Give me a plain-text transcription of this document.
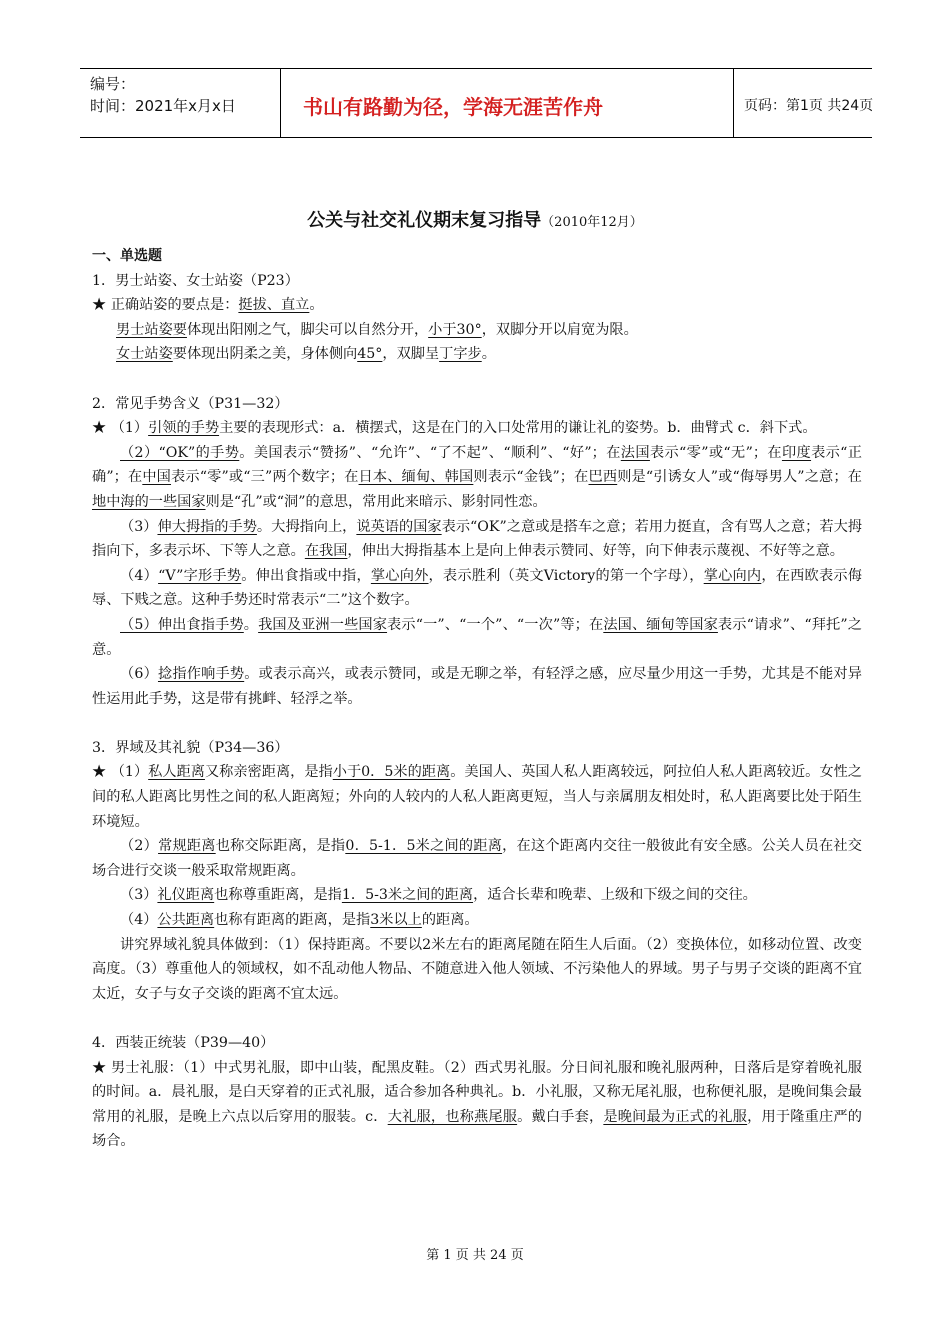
编号：
时间：2021年x月x日	书山有路勤为径，学海无涯苦作舟	页码：第1页 共24页
公关与社交礼仪期末复习指导（2010年12月）

一、单选题

1．男士站姿、女士站姿（P23）

★ 正确站姿的要点是：挺拔、直立。

男士站姿要体现出阳刚之气，脚尖可以自然分开，小于30°，双脚分开以肩宽为限。

女士站姿要体现出阴柔之美，身体侧向45°，双脚呈丁字步。

2．常见手势含义（P31—32）

★ （1）引领的手势主要的表现形式：a．横摆式，这是在门的入口处常用的谦让礼的姿势。b．曲臂式 c．斜下式。

（2）“OK”的手势。美国表示“赞扬”、“允许”、“了不起”、“顺利”、“好”；在法国表示“零”或“无”；在印度表示“正确”；在中国表示“零”或“三”两个数字；在日本、缅甸、韩国则表示“金钱”；在巴西则是“引诱女人”或“侮辱男人”之意；在地中海的一些国家则是“孔”或“洞”的意思，常用此来暗示、影射同性恋。

（3）伸大拇指的手势。大拇指向上，说英语的国家表示“OK”之意或是搭车之意；若用力挺直，含有骂人之意；若大拇指向下，多表示坏、下等人之意。在我国，伸出大拇指基本上是向上伸表示赞同、好等，向下伸表示蔑视、不好等之意。

（4）“V”字形手势。伸出食指或中指，掌心向外，表示胜利（英文Victory的第一个字母），掌心向内，在西欧表示侮辱、下贱之意。这种手势还时常表示“二”这个数字。

（5）伸出食指手势。我国及亚洲一些国家表示“一”、“一个”、“一次”等；在法国、缅甸等国家表示“请求”、“拜托”之意。

（6）捻指作响手势。或表示高兴，或表示赞同，或是无聊之举，有轻浮之感，应尽量少用这一手势，尤其是不能对异性运用此手势，这是带有挑衅、轻浮之举。

3．界域及其礼貌（P34—36）

★ （1）私人距离又称亲密距离，是指小于0．5米的距离。美国人、英国人私人距离较远，阿拉伯人私人距离较近。女性之间的私人距离比男性之间的私人距离短；外向的人较内的人私人距离更短，当人与亲属朋友相处时，私人距离要比处于陌生环境短。

（2）常规距离也称交际距离，是指0．5-1．5米之间的距离，在这个距离内交往一般彼此有安全感。公关人员在社交场合进行交谈一般采取常规距离。

（3）礼仪距离也称尊重距离，是指1．5-3米之间的距离，适合长辈和晚辈、上级和下级之间的交往。

（4）公共距离也称有距离的距离，是指3米以上的距离。

讲究界域礼貌具体做到：（1）保持距离。不要以2米左右的距离尾随在陌生人后面。（2）变换体位，如移动位置、改变高度。（3）尊重他人的领域权，如不乱动他人物品、不随意进入他人领域、不污染他人的界域。男子与男子交谈的距离不宜太近，女子与女子交谈的距离不宜太远。

4．西装正统装（P39—40）

★ 男士礼服：（1）中式男礼服，即中山装，配黑皮鞋。（2）西式男礼服。分日间礼服和晚礼服两种，日落后是穿着晚礼服的时间。a．晨礼服，是白天穿着的正式礼服，适合参加各种典礼。b．小礼服，又称无尾礼服，也称便礼服，是晚间集会最常用的礼服，是晚上六点以后穿用的服装。c．大礼服，也称燕尾服。戴白手套，是晚间最为正式的礼服，用于隆重庄严的场合。

第 1 页 共 24 页
